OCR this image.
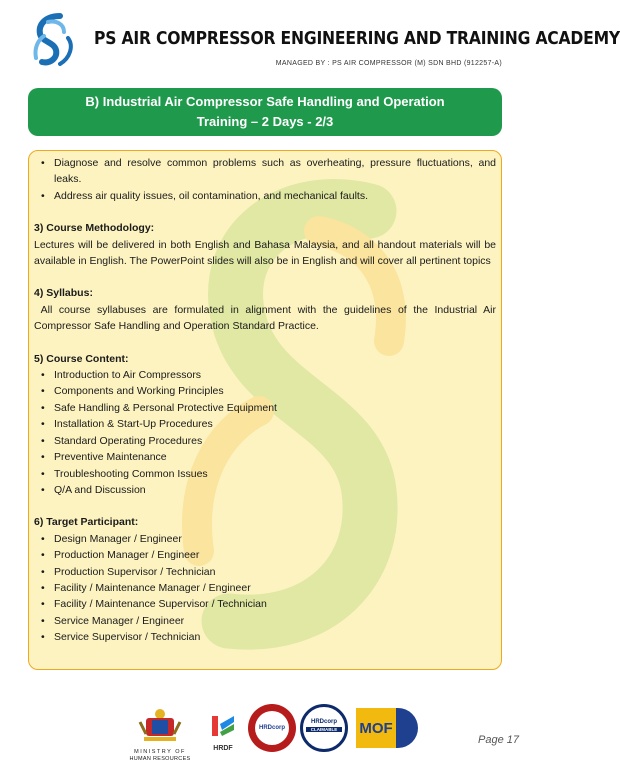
PS AIR COMPRESSOR ENGINEERING AND TRAINING ACADEMY
MANAGED BY : PS AIR COMPRESSOR (M) SDN BHD (912257-A)
B) Industrial Air Compressor Safe Handling and Operation
Training – 2 Days - 2/3
• Diagnose and resolve common problems such as overheating, pressure fluctuations, and leaks.
• Address air quality issues, oil contamination, and mechanical faults.
3) Course Methodology:
Lectures will be delivered in both English and Bahasa Malaysia, and all handout materials will be available in English. The PowerPoint slides will also be in English and will cover all pertinent topics
4) Syllabus:
All course syllabuses are formulated in alignment with the guidelines of the Industrial Air Compressor Safe Handling and Operation Standard Practice.
5) Course Content:
• Introduction to Air Compressors
• Components and Working Principles
• Safe Handling & Personal Protective Equipment
• Installation & Start-Up Procedures
• Standard Operating Procedures
• Preventive Maintenance
• Troubleshooting Common Issues
• Q/A and Discussion
6) Target Participant:
• Design Manager / Engineer
• Production Manager / Engineer
• Production Supervisor / Technician
• Facility / Maintenance Manager / Engineer
• Facility / Maintenance Supervisor / Technician
• Service Manager / Engineer
• Service Supervisor / Technician
MINISTRY OF
HUMAN RESOURCES
HRDF
HRDcorp
HRDcorp
CLAIMABLE	MOF
Page 17
